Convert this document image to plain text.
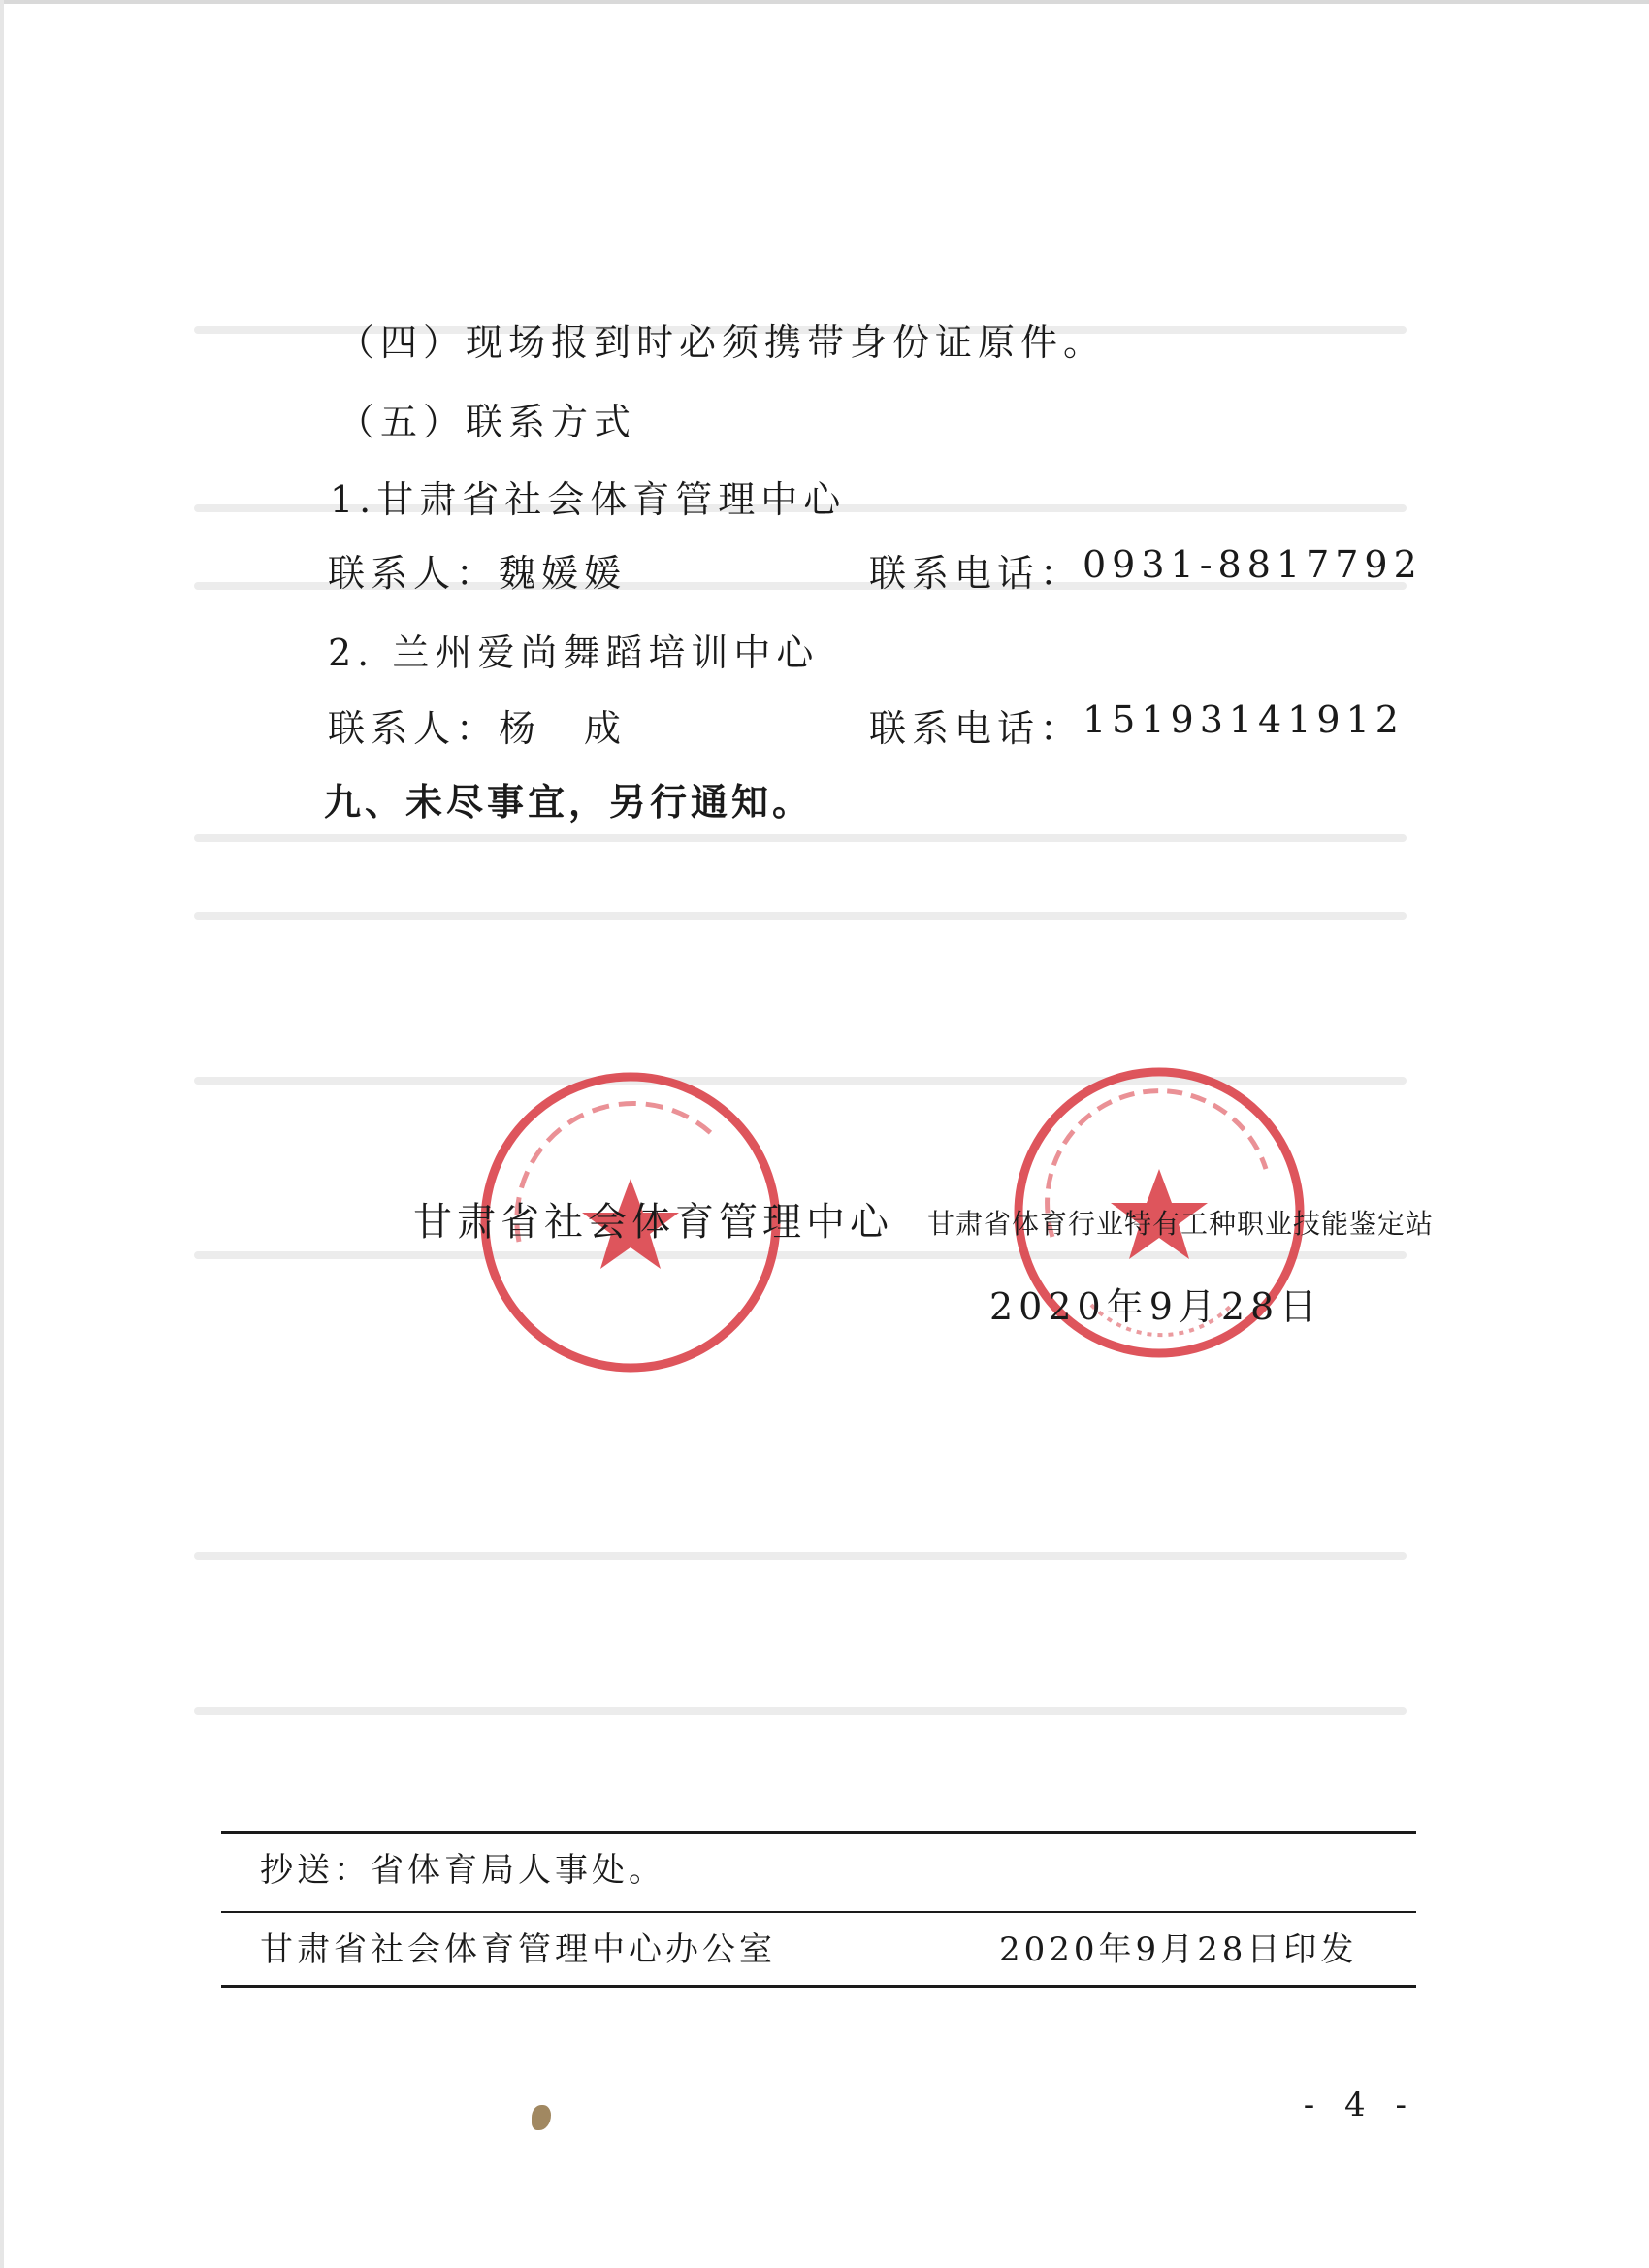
（四）现场报到时必须携带身份证原件。
（五）联系方式
1.甘肃省社会体育管理中心
联系人： 魏媛媛	联系电话： 0931-8817792
2. 兰州爱尚舞蹈培训中心
联系人： 杨　成	联系电话： 15193141912
九、未尽事宜，另行通知。
甘肃省社会体育管理中心 甘肃省体育行业特有工种职业技能鉴定站
2020年9月28日
抄送：省体育局人事处。
甘肃省社会体育管理中心办公室	2020年9月28日印发
- 4 -
